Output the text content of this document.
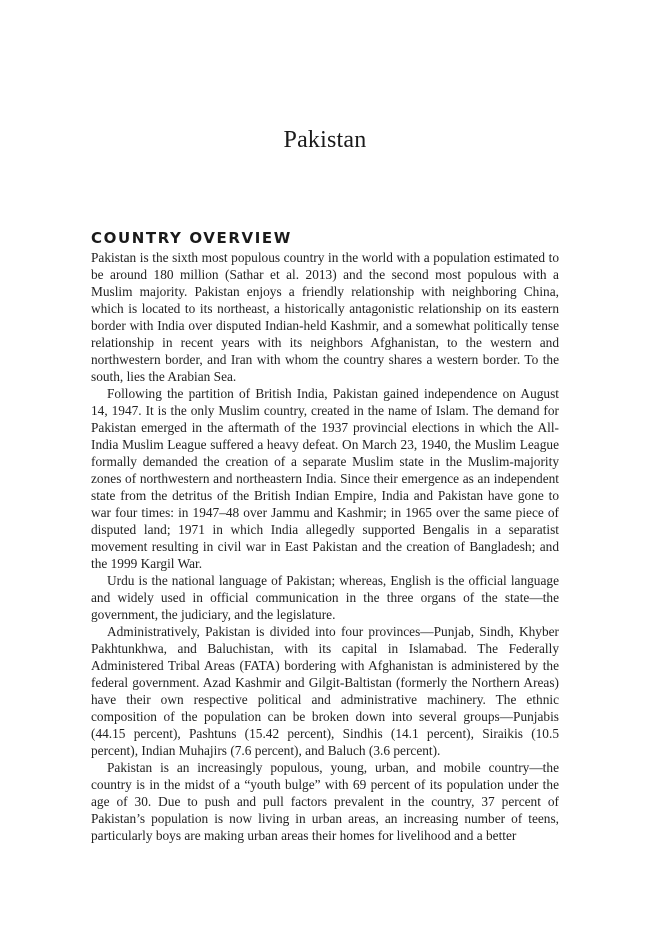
Pakistan
COUNTRY OVERVIEW

Pakistan is the sixth most populous country in the world with a population estimated to be around 180 million (Sathar et al. 2013) and the second most populous with a Muslim majority. Pakistan enjoys a friendly relationship with neighboring China, which is located to its northeast, a historically antagonistic relationship on its eastern border with India over disputed Indian-held Kashmir, and a somewhat politically tense relationship in recent years with its neighbors Afghanistan, to the western and northwestern border, and Iran with whom the country shares a western border. To the south, lies the Arabian Sea.

Following the partition of British India, Pakistan gained independence on August 14, 1947. It is the only Muslim country, created in the name of Islam. The demand for Pakistan emerged in the aftermath of the 1937 provincial elections in which the All-India Muslim League suffered a heavy defeat. On March 23, 1940, the Muslim League formally demanded the creation of a separate Muslim state in the Muslim-majority zones of northwestern and northeastern India. Since their emergence as an independent state from the detritus of the British Indian Empire, India and Pakistan have gone to war four times: in 1947–48 over Jammu and Kashmir; in 1965 over the same piece of disputed land; 1971 in which India allegedly supported Bengalis in a separatist movement resulting in civil war in East Pakistan and the creation of Bangladesh; and the 1999 Kargil War.

Urdu is the national language of Pakistan; whereas, English is the official language and widely used in official communication in the three organs of the state—the government, the judiciary, and the legislature.

Administratively, Pakistan is divided into four provinces—Punjab, Sindh, Khyber Pakhtunkhwa, and Baluchistan, with its capital in Islamabad. The Federally Administered Tribal Areas (FATA) bordering with Afghanistan is administered by the federal government. Azad Kashmir and Gilgit-Baltistan (formerly the Northern Areas) have their own respective political and administrative machinery. The ethnic composition of the population can be broken down into several groups—Punjabis (44.15 percent), Pashtuns (15.42 percent), Sindhis (14.1 percent), Siraikis (10.5 percent), Indian Muhajirs (7.6 percent), and Baluch (3.6 percent).

Pakistan is an increasingly populous, young, urban, and mobile country—the country is in the midst of a “youth bulge” with 69 percent of its population under the age of 30. Due to push and pull factors prevalent in the country, 37 percent of Pakistan’s population is now living in urban areas, an increasing number of teens, particularly boys are making urban areas their homes for livelihood and a better
